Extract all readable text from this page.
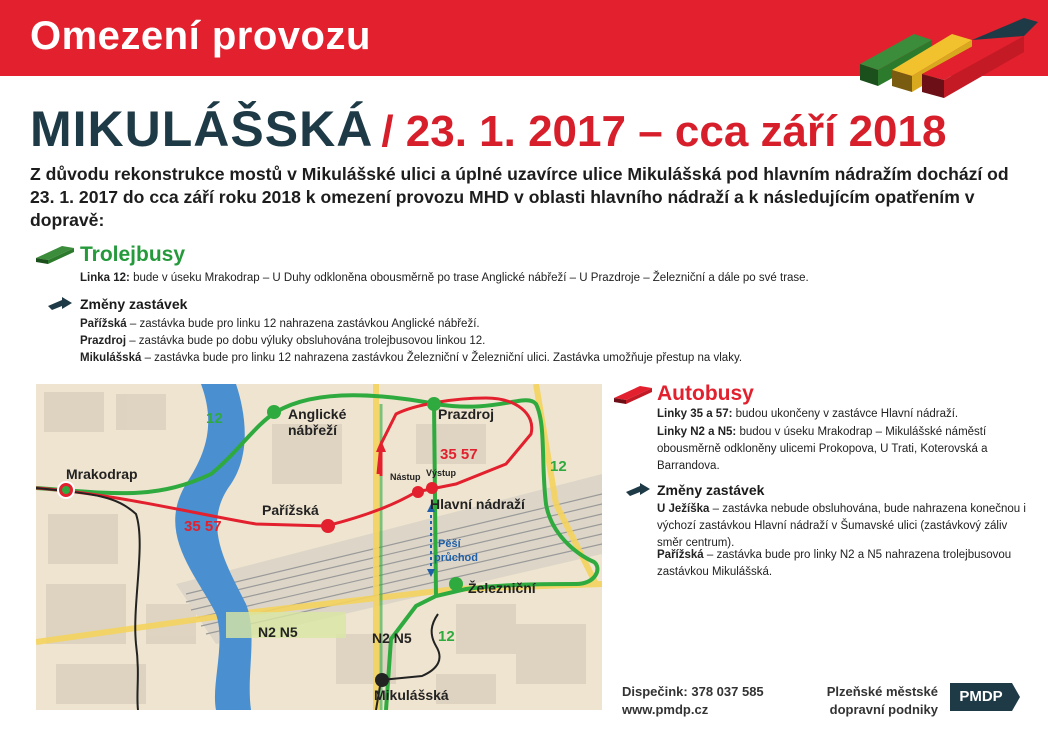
Omezení provozu
MIKULÁŠSKÁ / 23. 1. 2017 – cca září 2018
Z důvodu rekonstrukce mostů v Mikulášské ulici a úplné uzavírce ulice Mikulášská pod hlavním nádražím dochází od 23. 1. 2017 do cca září roku 2018 k omezení provozu MHD v oblasti hlavního nádraží a k následujícím opatřením v dopravě:
Trolejbusy
Linka 12: bude v úseku Mrakodrap – U Duhy odkloněna obousměrně po trase Anglické nábřeží – U Prazdroje – Železniční a dále po své trase.
Změny zastávek
Pařížská – zastávka bude pro linku 12 nahrazena zastávkou Anglické nábřeží.
Prazdroj – zastávka bude po dobu výluky obsluhována trolejbusovou linkou 12.
Mikulášská – zastávka bude pro linku 12 nahrazena zastávkou Železniční v Železniční ulici. Zastávka umožňuje přestup na vlaky.
Mrakodrap
Anglické
nábřeží
Prazdroj
Pařížská	Hlavní nádraží
Železniční
Mikulášská
Nástup Výstup
Pěší
průchod
12
12
12
35 57
35 57
N2 N5	N2 N5
Autobusy
Linky 35 a 57: budou ukončeny v zastávce Hlavní nádraží.
Linky N2 a N5: budou v úseku Mrakodrap – Mikulášské náměstí obousměrně odkloněny ulicemi Prokopova, U Trati, Koterovská a Barrandova.
Změny zastávek
U Ježíška – zastávka nebude obsluhována, bude nahrazena konečnou i výchozí zastávkou Hlavní nádraží v Šumavské ulici (zastávkový záliv směr centrum).
Pařížská – zastávka bude pro linky N2 a N5 nahrazena trolejbusovou zastávkou Mikulášská.
Dispečink: 378 037 585
www.pmdp.cz
Plzeňské městské
dopravní podniky
PMDP
